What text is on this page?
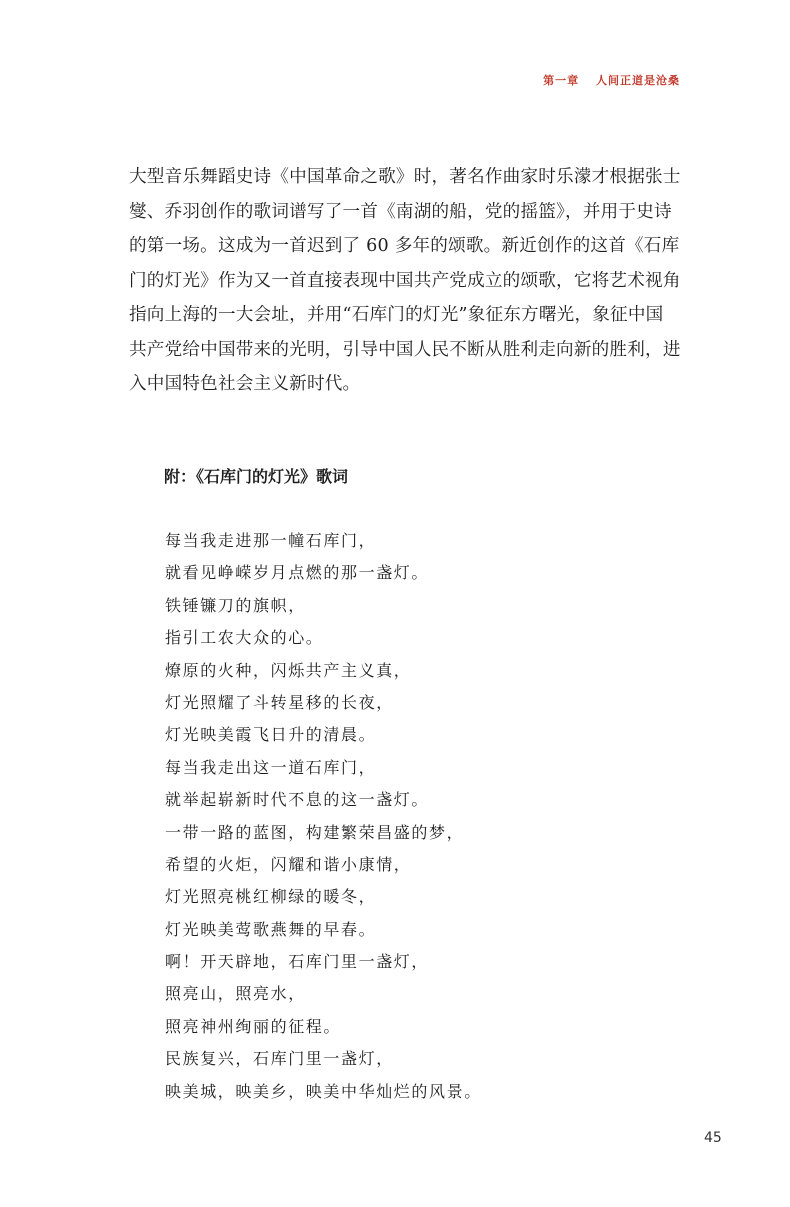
第一章 人间正道是沧桑
大型音乐舞蹈史诗《中国革命之歌》时，著名作曲家时乐濛才根据张士
燮、乔羽创作的歌词谱写了一首《南湖的船，党的摇篮》，并用于史诗
的第一场。这成为一首迟到了 60 多年的颂歌。新近创作的这首《石库
门的灯光》作为又一首直接表现中国共产党成立的颂歌，它将艺术视角
指向上海的一大会址，并用“石库门的灯光”象征东方曙光，象征中国
共产党给中国带来的光明，引导中国人民不断从胜利走向新的胜利，进
入中国特色社会主义新时代。
附：《石库门的灯光》歌词
每当我走进那一幢石库门，
就看见峥嵘岁月点燃的那一盏灯。
铁锤镰刀的旗帜，
指引工农大众的心。
燎原的火种，闪烁共产主义真，
灯光照耀了斗转星移的长夜，
灯光映美霞飞日升的清晨。
每当我走出这一道石库门，
就举起崭新时代不息的这一盏灯。
一带一路的蓝图，构建繁荣昌盛的梦，
希望的火炬，闪耀和谐小康情，
灯光照亮桃红柳绿的暖冬，
灯光映美莺歌燕舞的早春。
啊！开天辟地，石库门里一盏灯，
照亮山，照亮水，
照亮神州绚丽的征程。
民族复兴，石库门里一盏灯，
映美城，映美乡，映美中华灿烂的风景。
45
